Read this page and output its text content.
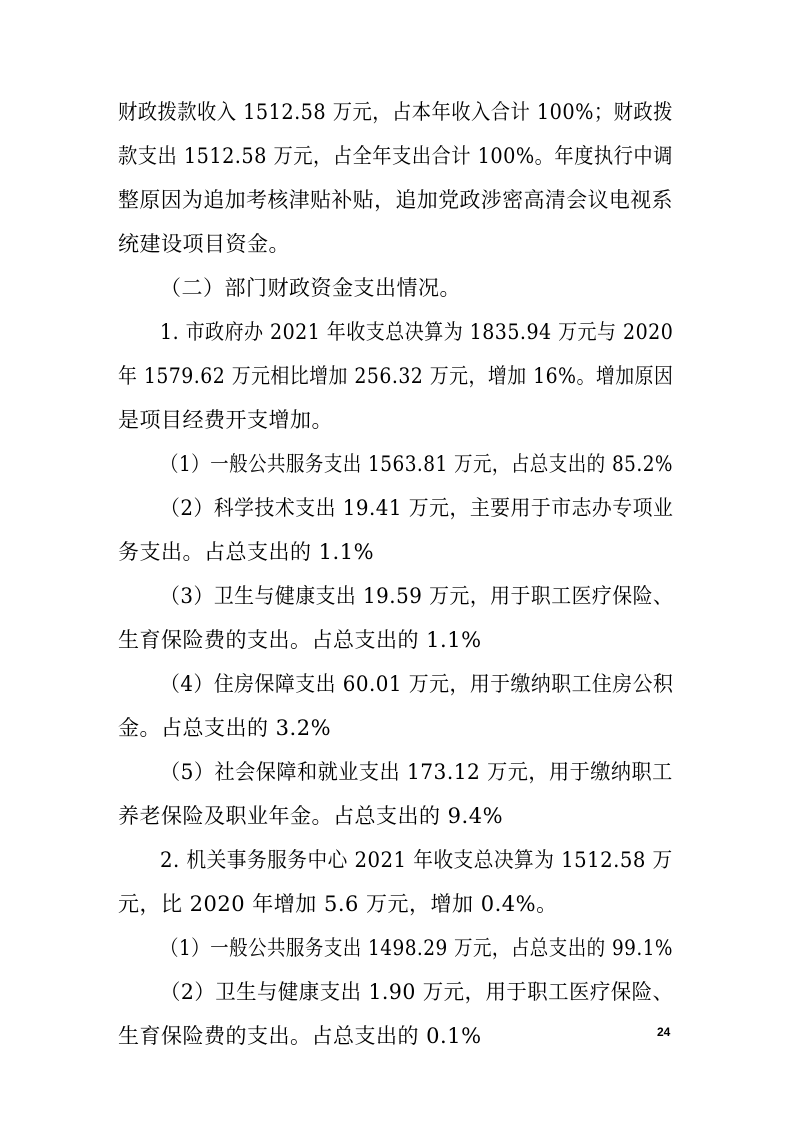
财政拨款收入 1512.58 万元，占本年收入合计 100%；财政拨
款支出 1512.58 万元，占全年支出合计 100%。年度执行中调
整原因为追加考核津贴补贴，追加党政涉密高清会议电视系
统建设项目资金。
（二）部门财政资金支出情况。
1. 市政府办 2021 年收支总决算为 1835.94 万元与 2020
年 1579.62 万元相比增加 256.32 万元，增加 16%。增加原因
是项目经费开支增加。
（1）一般公共服务支出 1563.81 万元，占总支出的 85.2%
（2）科学技术支出 19.41 万元，主要用于市志办专项业
务支出。占总支出的 1.1%
（3）卫生与健康支出 19.59 万元，用于职工医疗保险、
生育保险费的支出。占总支出的 1.1%
（4）住房保障支出 60.01 万元，用于缴纳职工住房公积
金。占总支出的 3.2%
（5）社会保障和就业支出 173.12 万元，用于缴纳职工
养老保险及职业年金。占总支出的 9.4%
2. 机关事务服务中心 2021 年收支总决算为 1512.58 万
元，比 2020 年增加 5.6 万元，增加 0.4%。
（1）一般公共服务支出 1498.29 万元，占总支出的 99.1%
（2）卫生与健康支出 1.90 万元，用于职工医疗保险、
生育保险费的支出。占总支出的 0.1%	24
